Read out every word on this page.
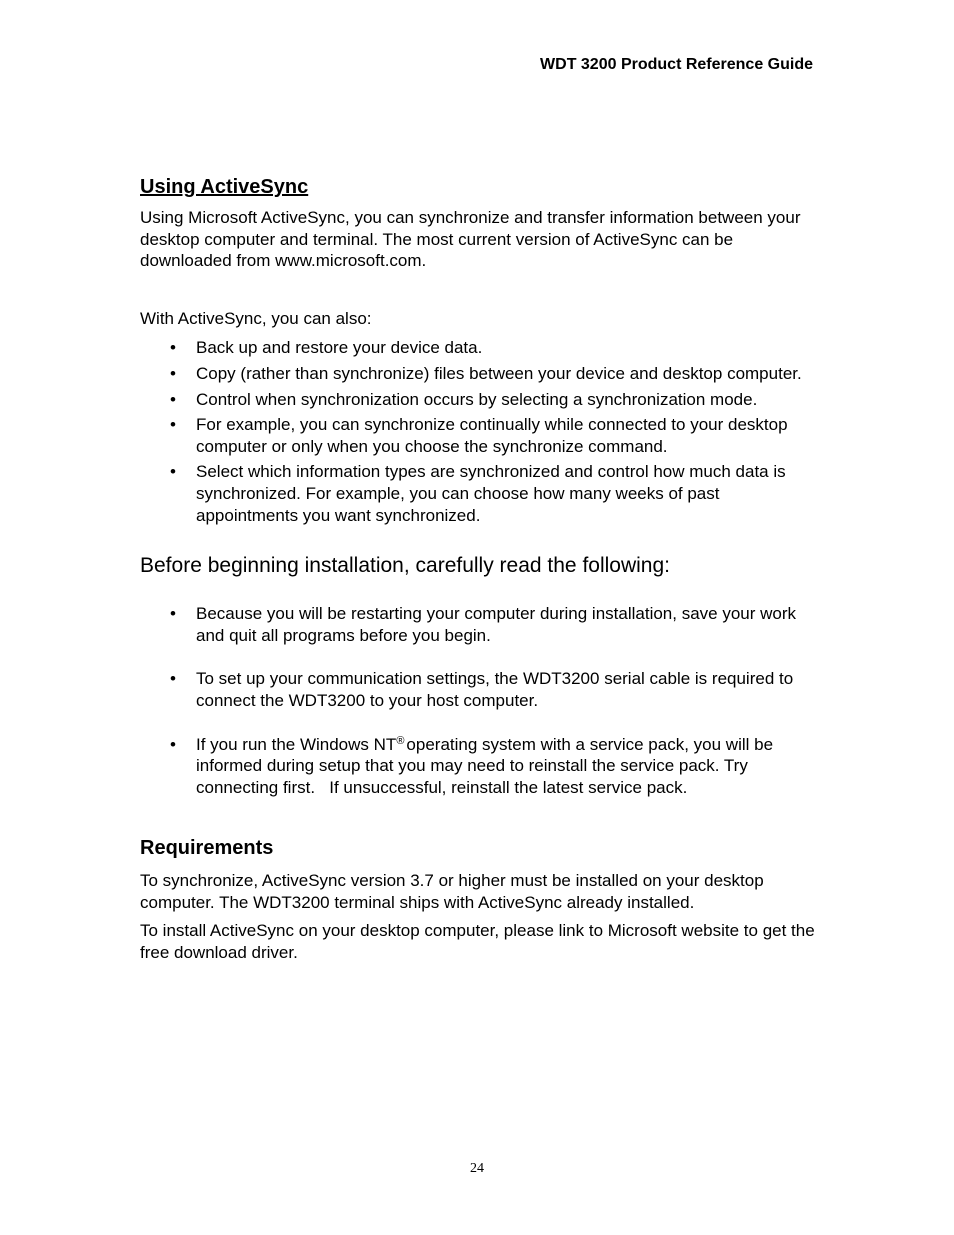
WDT 3200 Product Reference Guide
Using ActiveSync

Using Microsoft ActiveSync, you can synchronize and transfer information between your desktop computer and terminal. The most current version of ActiveSync can be downloaded from www.microsoft.com.

With ActiveSync, you can also:

• Back up and restore your device data.
• Copy (rather than synchronize) files between your device and desktop computer.
• Control when synchronization occurs by selecting a synchronization mode.
• For example, you can synchronize continually while connected to your desktop computer or only when you choose the synchronize command.
• Select which information types are synchronized and control how much data is synchronized. For example, you can choose how many weeks of past appointments you want synchronized.

Before beginning installation, carefully read the following:

• Because you will be restarting your computer during installation, save your work and quit all programs before you begin.
• To set up your communication settings, the WDT3200 serial cable is required to connect the WDT3200 to your host computer.
• If you run the Windows NT® operating system with a service pack, you will be informed during setup that you may need to reinstall the service pack. Try connecting first.   If unsuccessful, reinstall the latest service pack.
Requirements

To synchronize, ActiveSync version 3.7 or higher must be installed on your desktop computer. The WDT3200 terminal ships with ActiveSync already installed.

To install ActiveSync on your desktop computer, please link to Microsoft website to get the free download driver.

24
